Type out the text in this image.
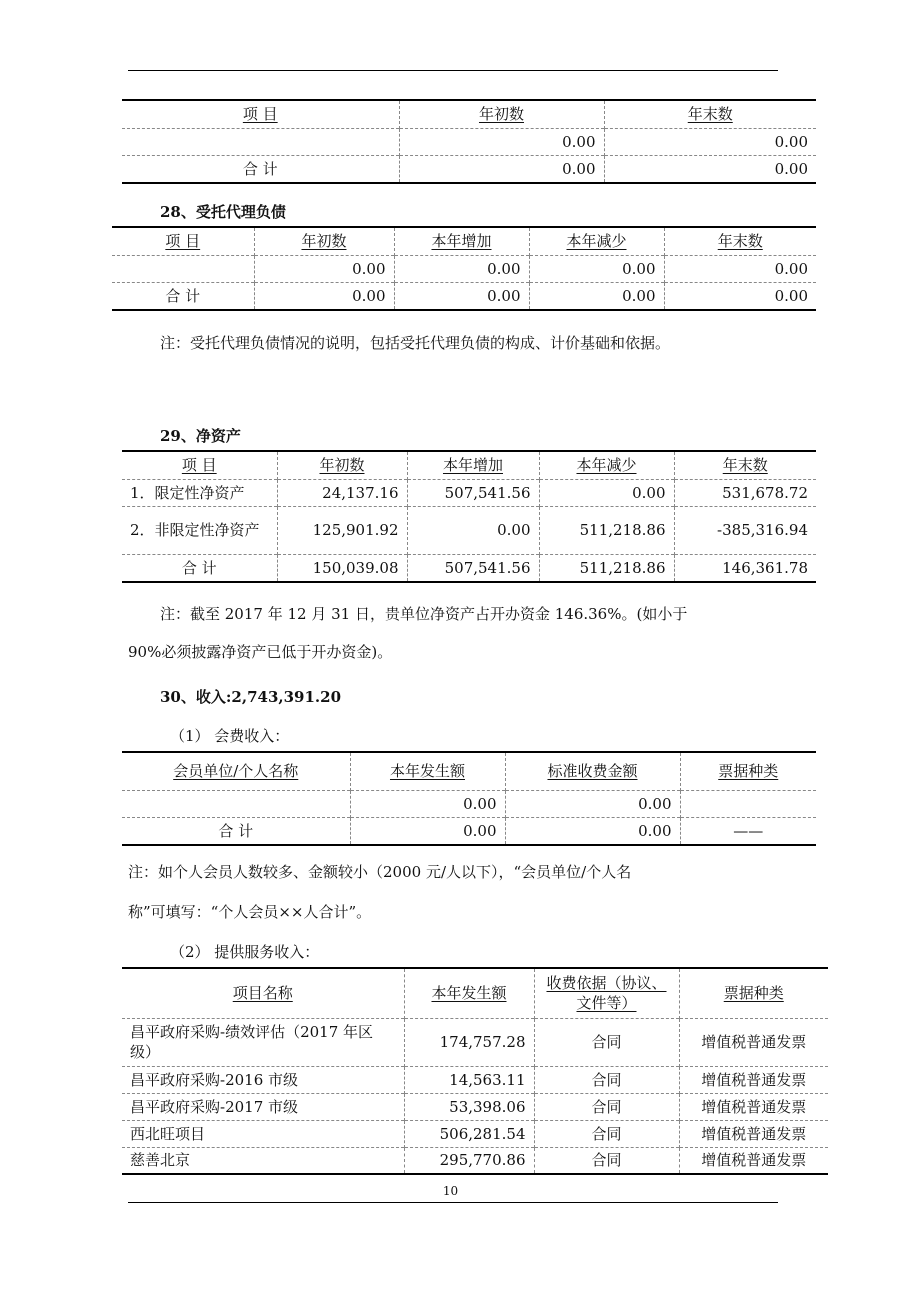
项 目	年初数	年末数
	0.00	0.00
合 计	0.00	0.00
28、受托代理负债
项 目	年初数	本年增加	本年减少	年末数
	0.00	0.00	0.00	0.00
合 计	0.00	0.00	0.00	0.00
注：受托代理负债情况的说明，包括受托代理负债的构成、计价基础和依据。
29、净资产
项 目	年初数	本年增加	本年减少	年末数
1．限定性净资产	24,137.16	507,541.56	0.00	531,678.72
2．非限定性净资产	125,901.92	0.00	511,218.86	-385,316.94
合 计	150,039.08	507,541.56	511,218.86	146,361.78
注：截至 2017 年 12 月 31 日，贵单位净资产占开办资金 146.36%。(如小于
90%必须披露净资产已低于开办资金)。
30、收入:2,743,391.20
（1） 会费收入：
会员单位/个人名称	本年发生额	标准收费金额	票据种类
	0.00	0.00	
合 计	0.00	0.00	——
注：如个人会员人数较多、金额较小（2000 元/人以下），“会员单位/个人名
称”可填写：“个人会员××人合计”。
（2） 提供服务收入：
项目名称	本年发生额	收费依据（协议、文件等）	票据种类
昌平政府采购-绩效评估（2017 年区级）	174,757.28	合同	增值税普通发票
昌平政府采购-2016 市级	14,563.11	合同	增值税普通发票
昌平政府采购-2017 市级	53,398.06	合同	增值税普通发票
西北旺项目	506,281.54	合同	增值税普通发票
慈善北京	295,770.86	合同	增值税普通发票
10
